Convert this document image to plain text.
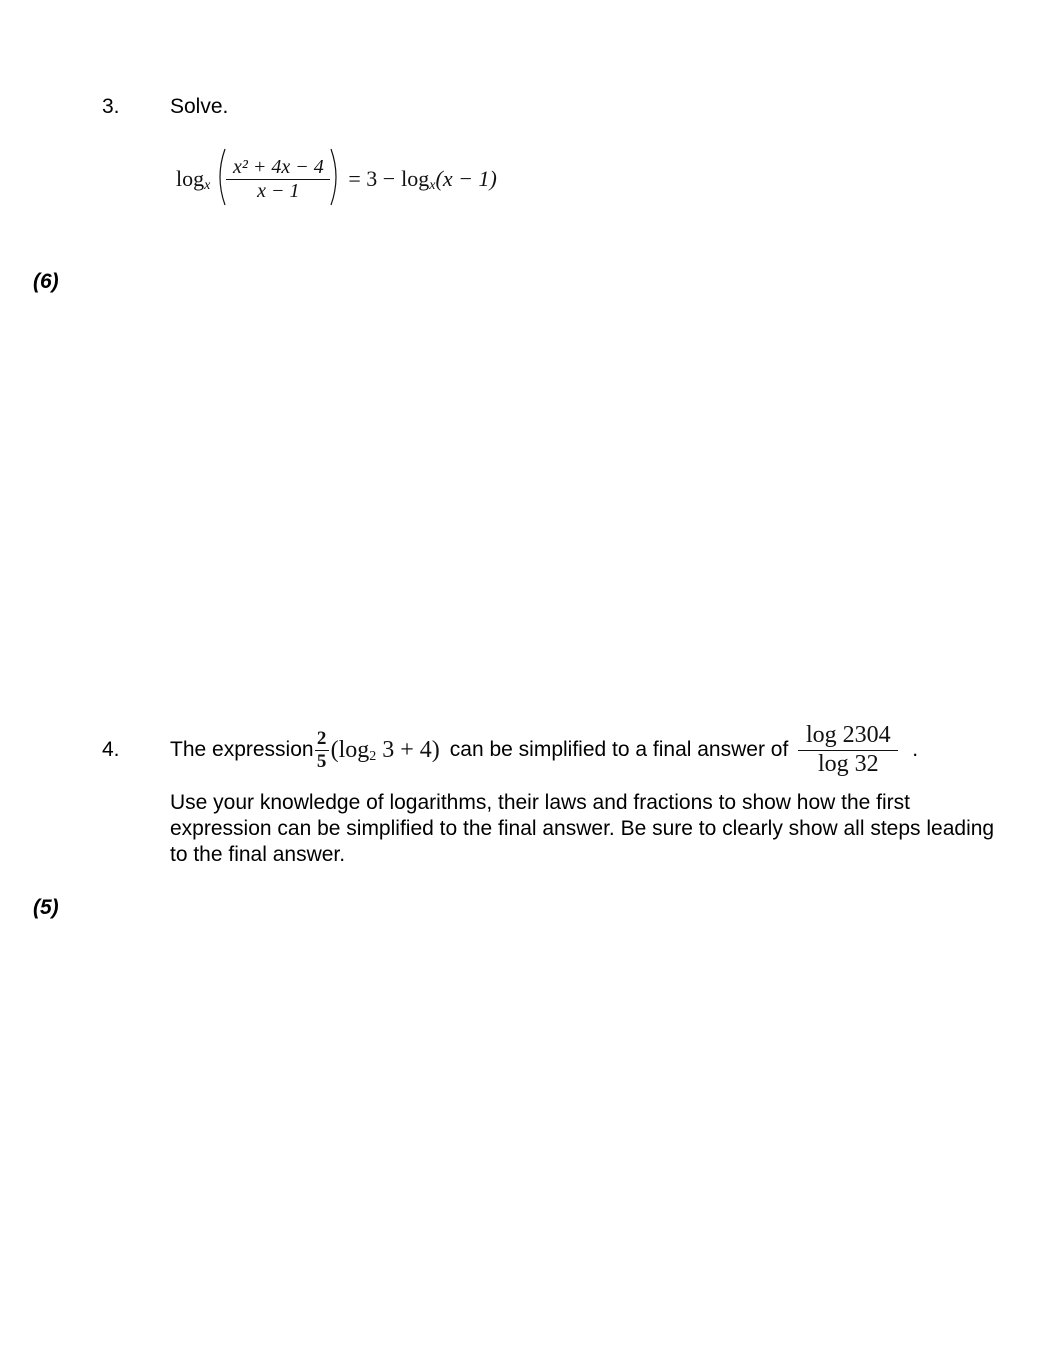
3. Solve.
log x $\frac{\text{x² + 4x − 4}}{x - 1} = 3 - \log x$ (x − 1)
(6)
4. The expression $\frac{2}{5} (\log$ 2 3 + 4) can be simplified to a final answer of $\frac{\log 2304}{\log 32}$ .
Use your knowledge of logarithms, their laws and fractions to show how the first expression can be simplified to the final answer. Be sure to clearly show all steps leading to the final answer.
(5)
